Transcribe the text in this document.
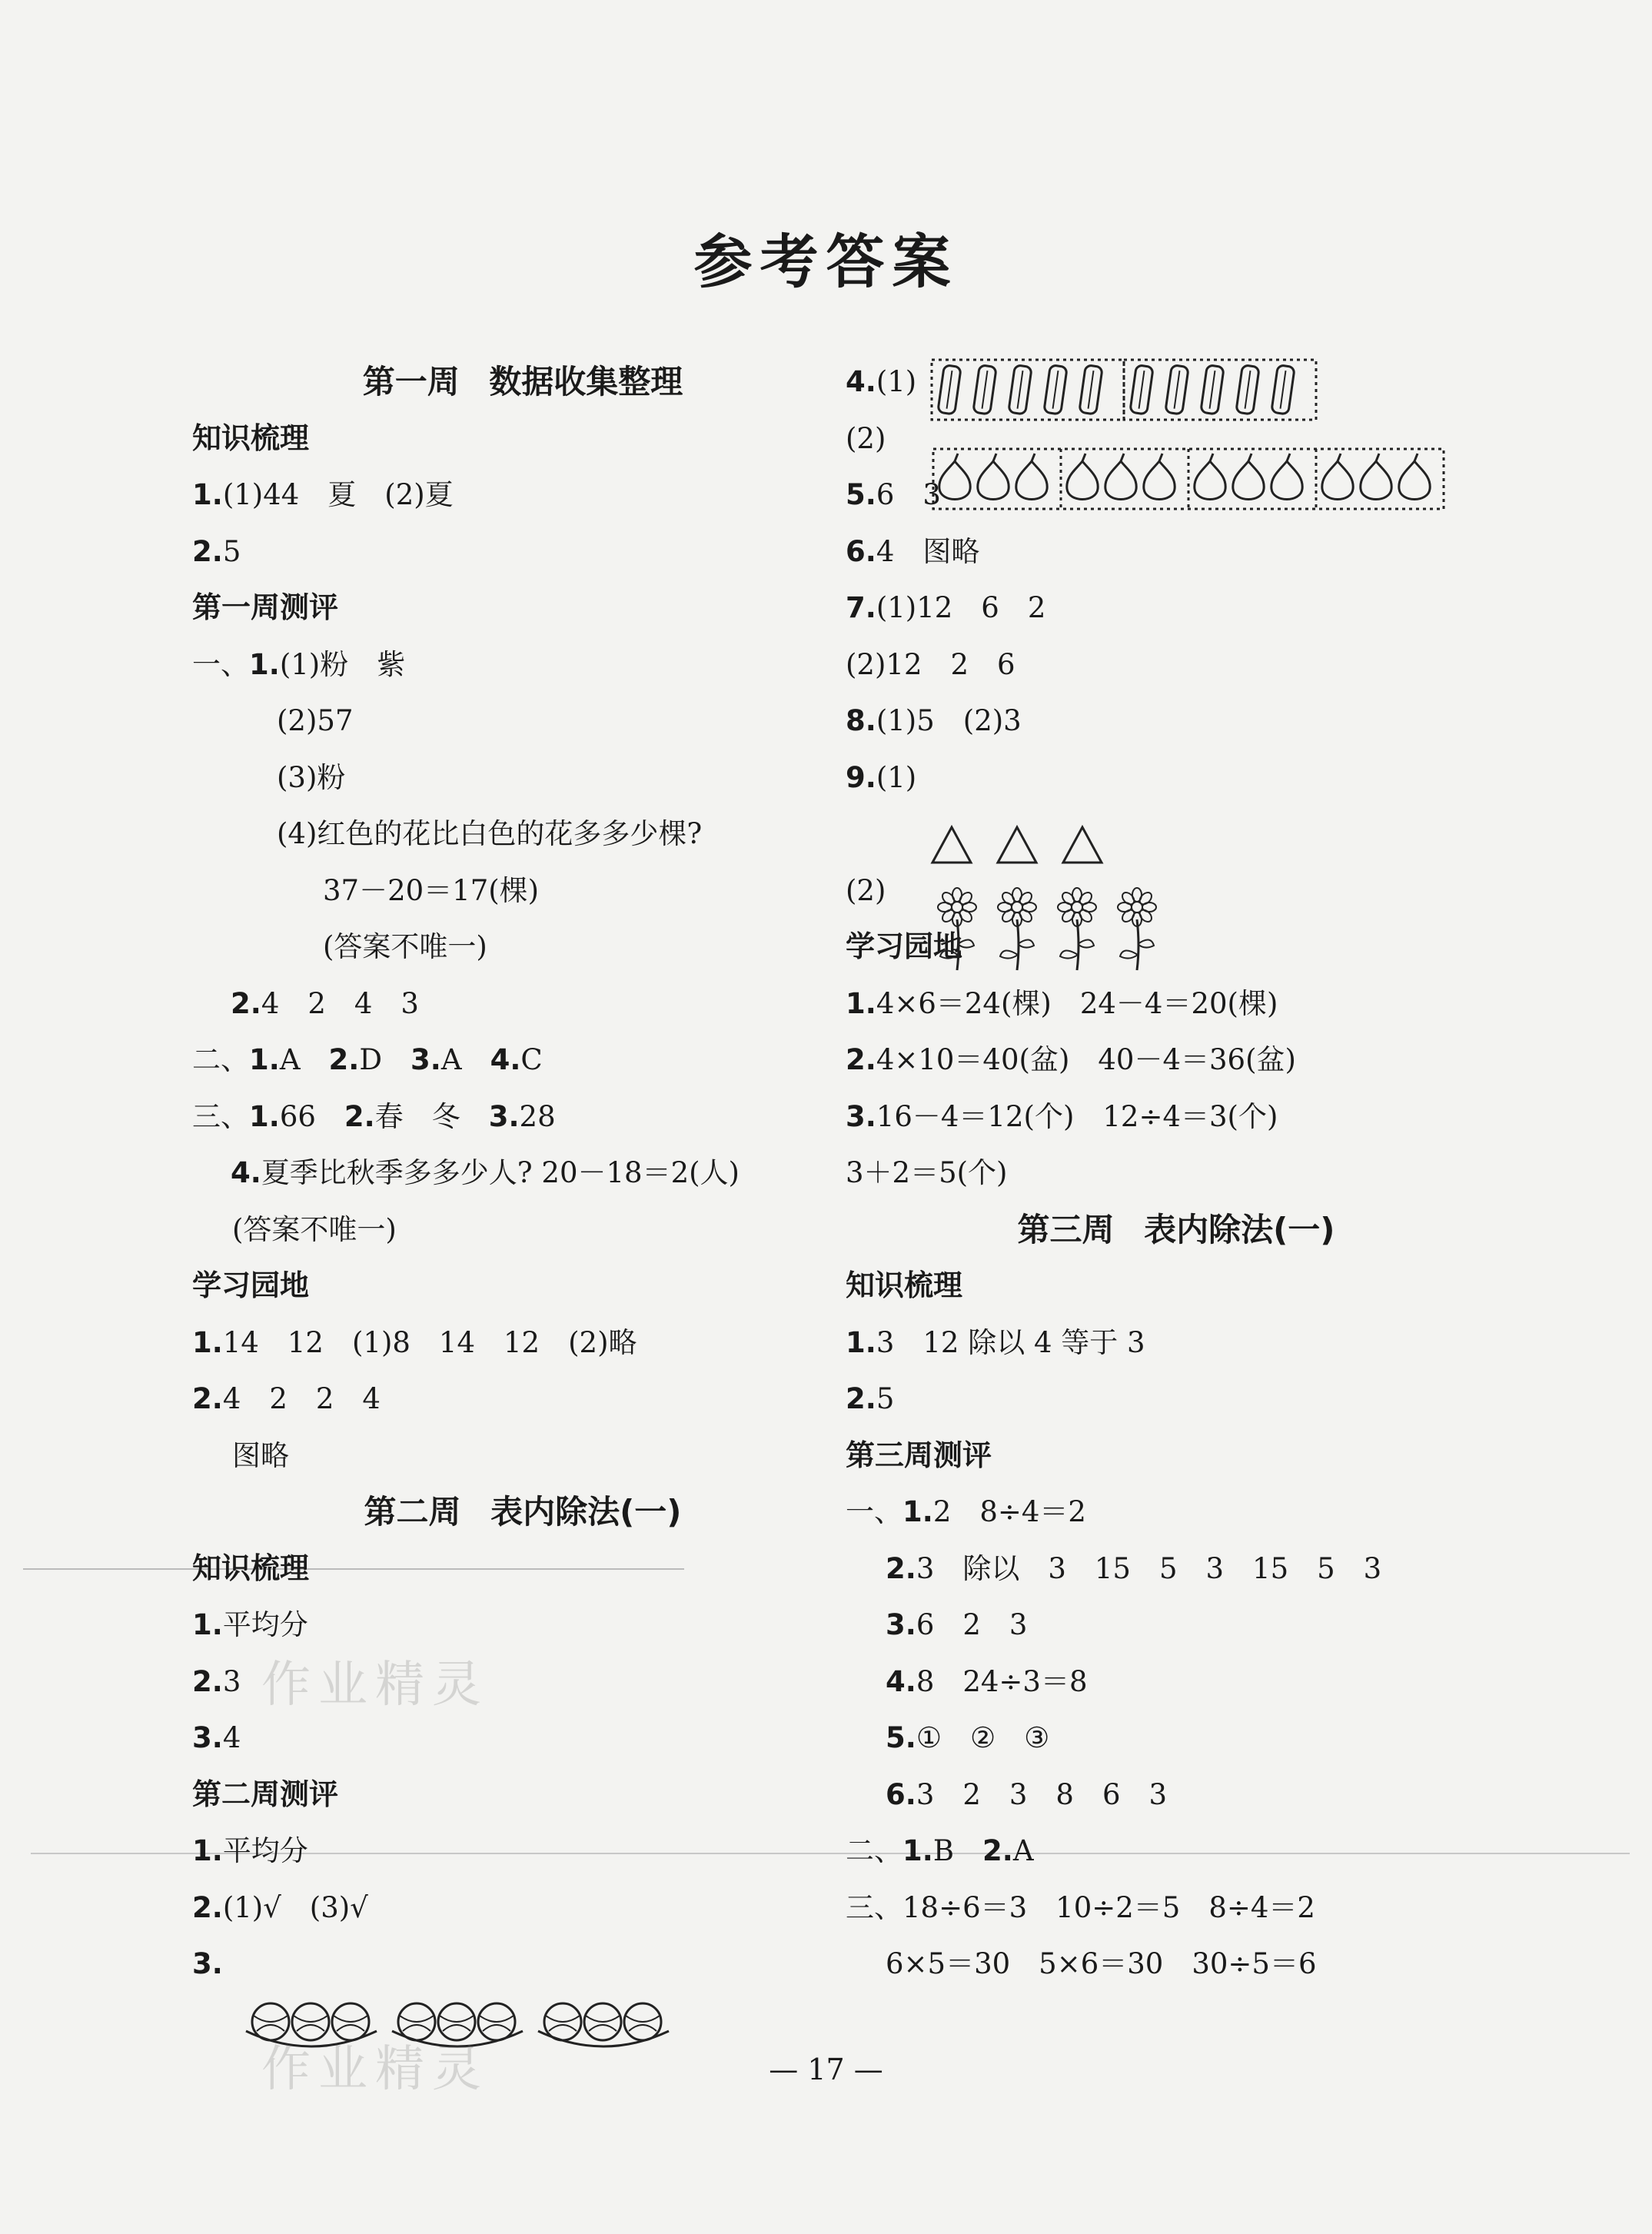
参考答案
第一周 数据收集整理
知识梳理
1.(1)44　夏　(2)夏
2.5
第一周测评
一、1.(1)粉　紫
(2)57
(3)粉
(4)红色的花比白色的花多多少棵?
37－20＝17(棵)
(答案不唯一)
2.4　2　4　3
二、1.A　2.D　3.A　4.C
三、1.66　2.春　冬　3.28
4.夏季比秋季多多少人? 20－18＝2(人)
(答案不唯一)
学习园地
1.14　12　(1)8　14　12　(2)略
2.4　2　2　4
图略
第二周 表内除法(一)
知识梳理
1.平均分
2.3
3.4
第二周测评
1.平均分
2.(1)√　(3)√
3.
4.(1)
(2)
5.6　3
6.4　图略
7.(1)12　6　2
(2)12　2　6
8.(1)5　(2)3
9.(1)
(2)
学习园地
1.4×6＝24(棵)　24－4＝20(棵)
2.4×10＝40(盆)　40－4＝36(盆)
3.16－4＝12(个)　12÷4＝3(个)
3＋2＝5(个)
第三周 表内除法(一)
知识梳理
1.3　12 除以 4 等于 3
2.5
第三周测评
一、1.2　8÷4＝2
2.3　除以　3　15　5　3　15　5　3
3.6　2　3
4.8　24÷3＝8
5.①　②　③
6.3　2　3　8　6　3
二、1.B　2.A
三、18÷6＝3　10÷2＝5　8÷4＝2
6×5＝30　5×6＝30　30÷5＝6
作业精灵
作业精灵	— 17 —
